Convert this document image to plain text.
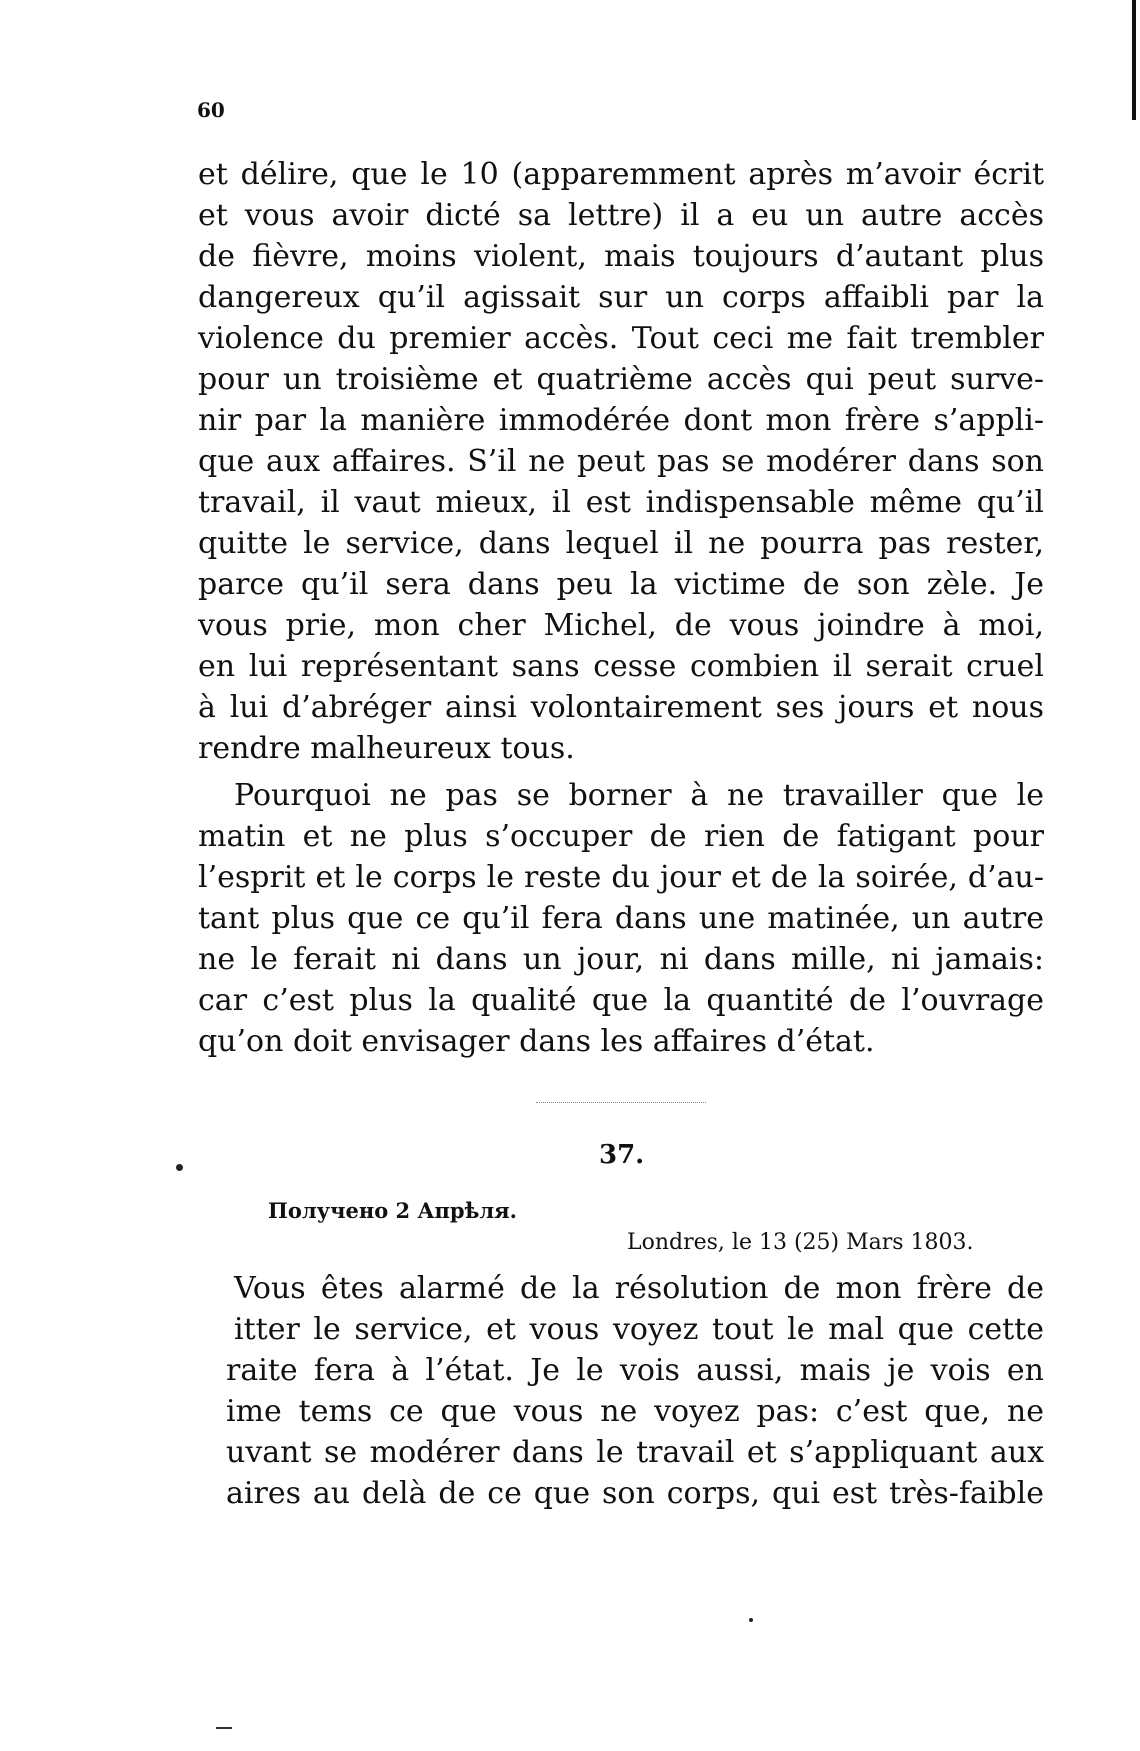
60
et délire, que le 10 (apparemment après m’avoir écrit
et vous avoir dicté sa lettre) il a eu un autre accès
de fièvre, moins violent, mais toujours d’autant plus
dangereux qu’il agissait sur un corps affaibli par la
violence du premier accès. Tout ceci me fait trembler
pour un troisième et quatrième accès qui peut surve-
nir par la manière immodérée dont mon frère s’appli-
que aux affaires. S’il ne peut pas se modérer dans son
travail, il vaut mieux, il est indispensable même qu’il
quitte le service, dans lequel il ne pourra pas rester,
parce qu’il sera dans peu la victime de son zèle. Je
vous prie, mon cher Michel, de vous joindre à moi,
en lui représentant sans cesse combien il serait cruel
à lui d’abréger ainsi volontairement ses jours et nous
rendre malheureux tous.
Pourquoi ne pas se borner à ne travailler que le
matin et ne plus s’occuper de rien de fatigant pour
l’esprit et le corps le reste du jour et de la soirée, d’au-
tant plus que ce qu’il fera dans une matinée, un autre
ne le ferait ni dans un jour, ni dans mille, ni jamais:
car c’est plus la qualité que la quantité de l’ouvrage
qu’on doit envisager dans les affaires d’état.
37.
Получено 2 Апрѣля.
Londres, le 13 (25) Mars 1803.
Vous êtes alarmé de la résolution de mon frère de
itter le service, et vous voyez tout le mal que cette
raite fera à l’état. Je le vois aussi, mais je vois en
ime tems ce que vous ne voyez pas: c’est que, ne
uvant se modérer dans le travail et s’appliquant aux
aires au delà de ce que son corps, qui est très-faible
